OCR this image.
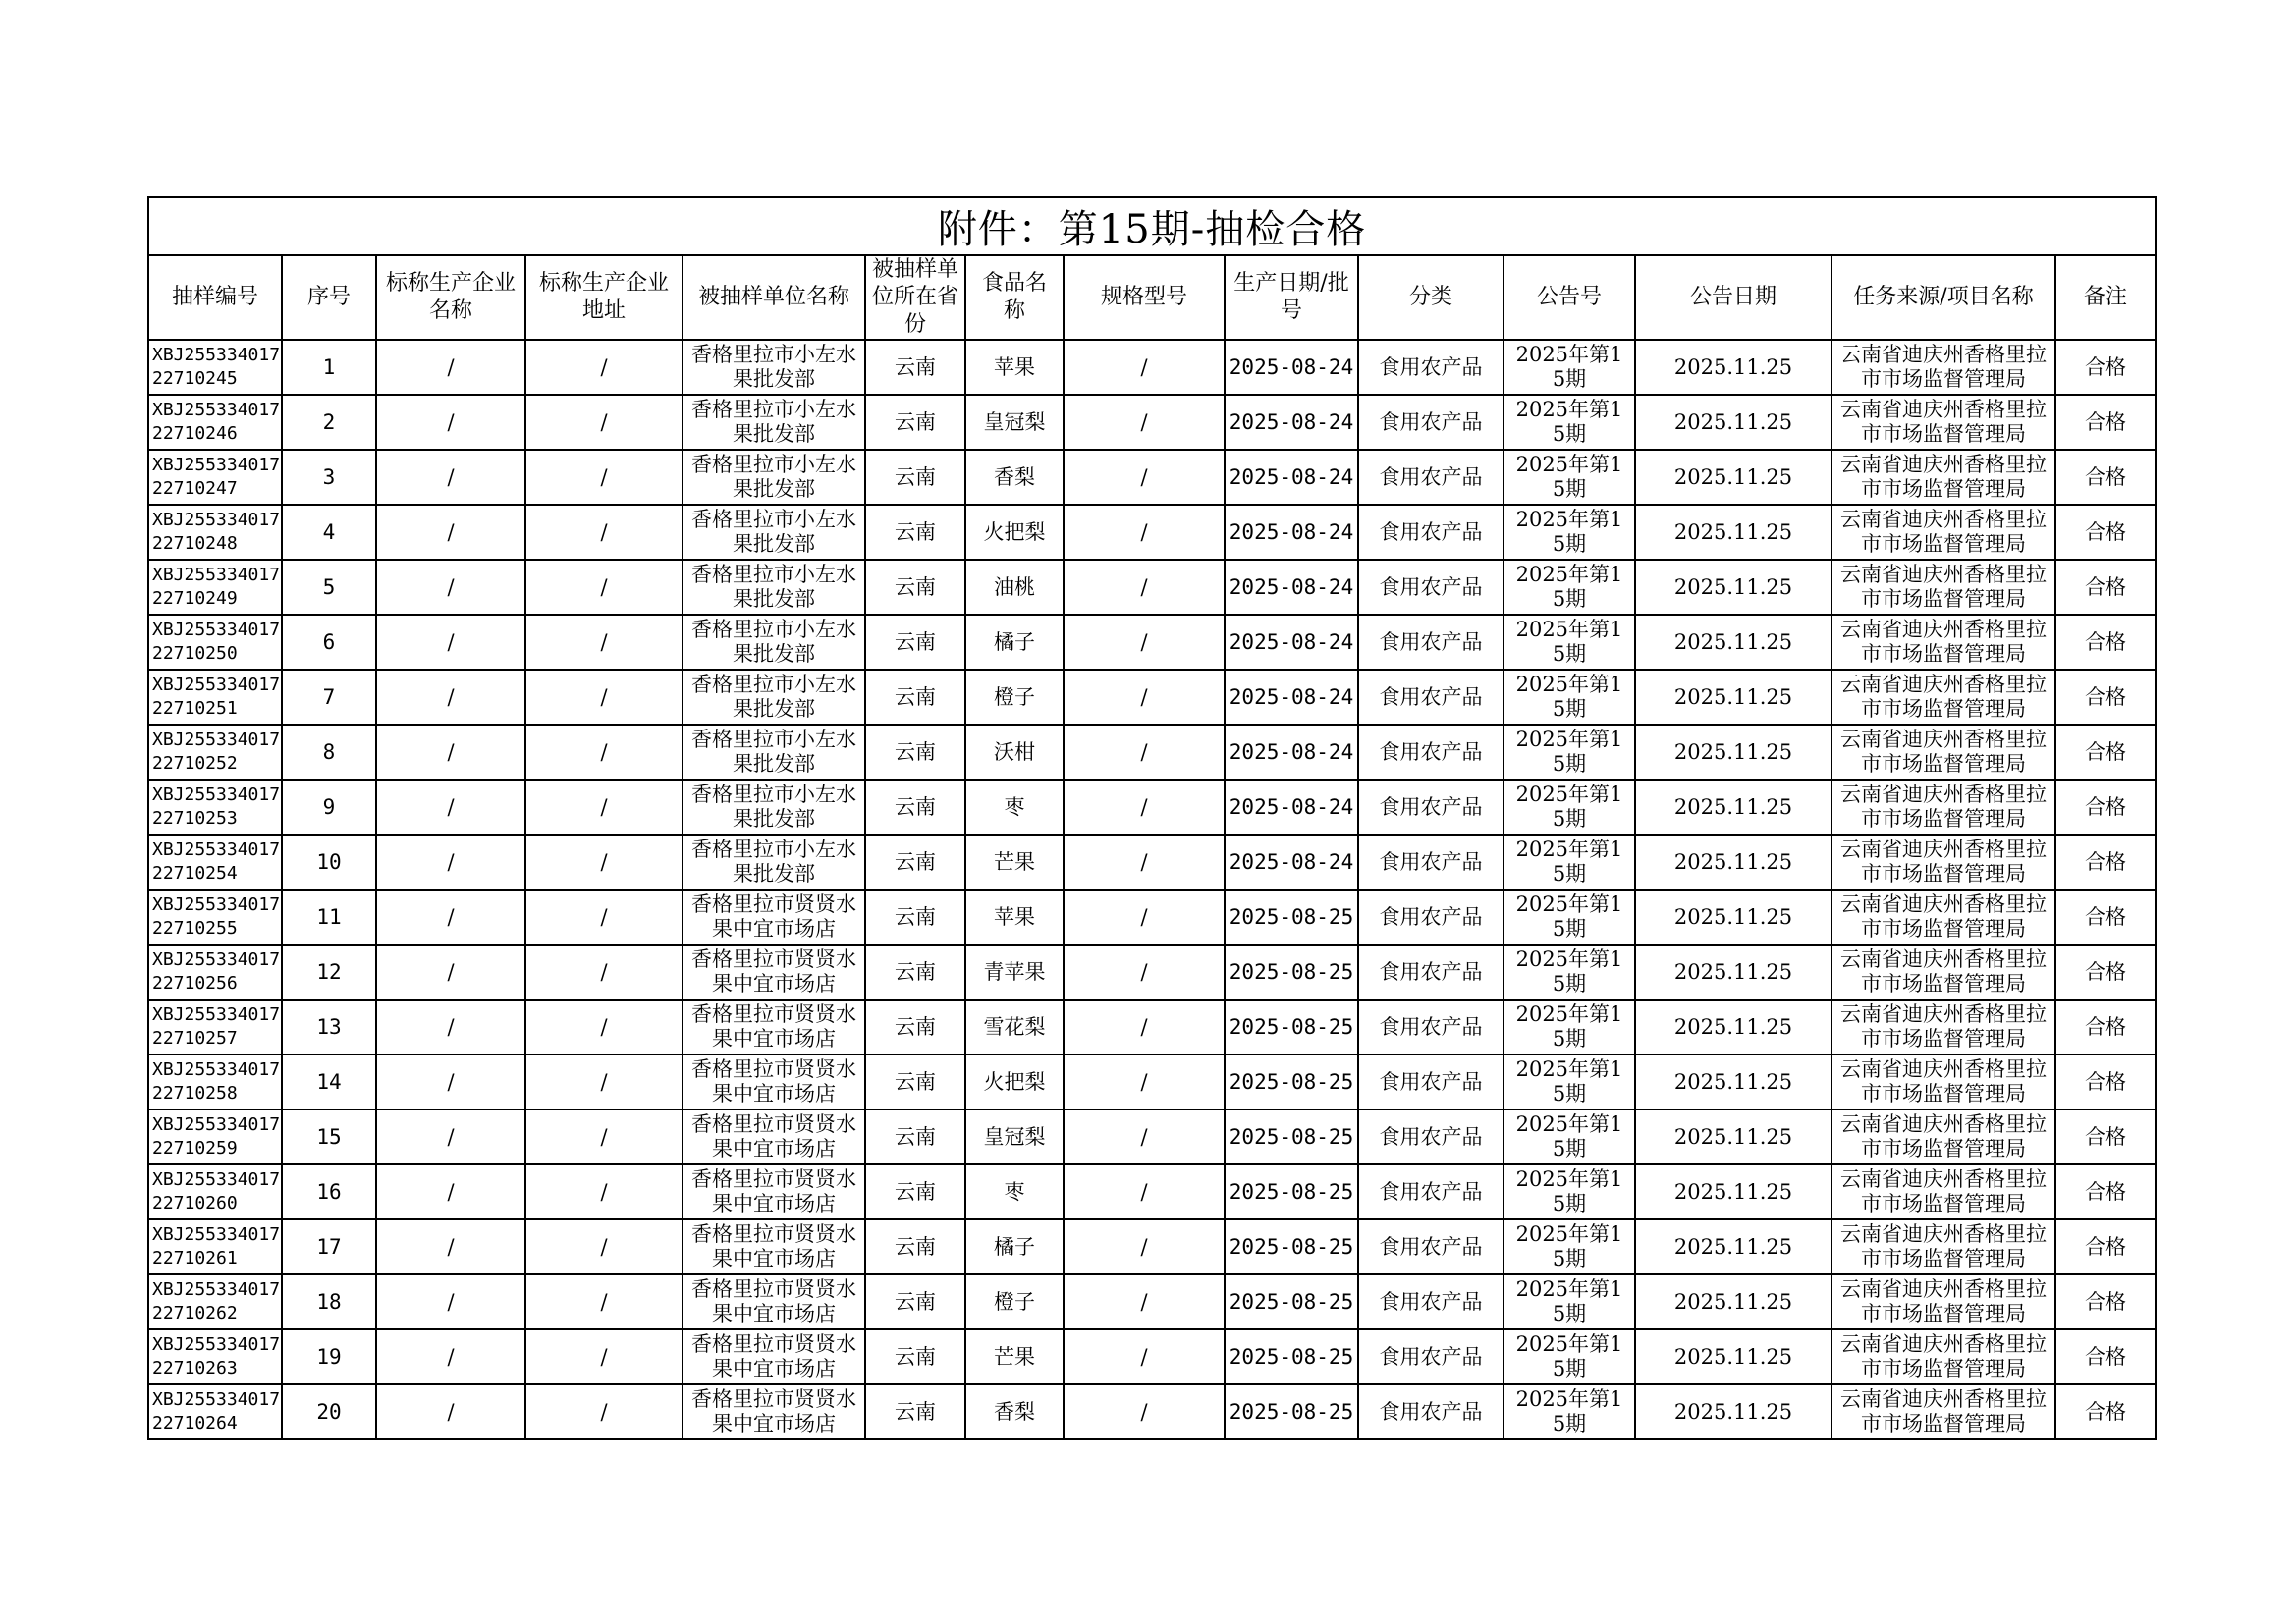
附件：第15期-抽检合格													
抽样编号	序号	标称生产企业名称	标称生产企业地址	被抽样单位名称	被抽样单位所在省份	食品名称	规格型号	生产日期/批号	分类	公告号	公告日期	任务来源/项目名称	备注
XBJ25533401722710245	1	/	/	香格里拉市小左水果批发部	云南	苹果	/	2025-08-24	食用农产品	2025年第15期	2025.11.25	云南省迪庆州香格里拉市市场监督管理局	合格
XBJ25533401722710246	2	/	/	香格里拉市小左水果批发部	云南	皇冠梨	/	2025-08-24	食用农产品	2025年第15期	2025.11.25	云南省迪庆州香格里拉市市场监督管理局	合格
XBJ25533401722710247	3	/	/	香格里拉市小左水果批发部	云南	香梨	/	2025-08-24	食用农产品	2025年第15期	2025.11.25	云南省迪庆州香格里拉市市场监督管理局	合格
XBJ25533401722710248	4	/	/	香格里拉市小左水果批发部	云南	火把梨	/	2025-08-24	食用农产品	2025年第15期	2025.11.25	云南省迪庆州香格里拉市市场监督管理局	合格
XBJ25533401722710249	5	/	/	香格里拉市小左水果批发部	云南	油桃	/	2025-08-24	食用农产品	2025年第15期	2025.11.25	云南省迪庆州香格里拉市市场监督管理局	合格
XBJ25533401722710250	6	/	/	香格里拉市小左水果批发部	云南	橘子	/	2025-08-24	食用农产品	2025年第15期	2025.11.25	云南省迪庆州香格里拉市市场监督管理局	合格
XBJ25533401722710251	7	/	/	香格里拉市小左水果批发部	云南	橙子	/	2025-08-24	食用农产品	2025年第15期	2025.11.25	云南省迪庆州香格里拉市市场监督管理局	合格
XBJ25533401722710252	8	/	/	香格里拉市小左水果批发部	云南	沃柑	/	2025-08-24	食用农产品	2025年第15期	2025.11.25	云南省迪庆州香格里拉市市场监督管理局	合格
XBJ25533401722710253	9	/	/	香格里拉市小左水果批发部	云南	枣	/	2025-08-24	食用农产品	2025年第15期	2025.11.25	云南省迪庆州香格里拉市市场监督管理局	合格
XBJ25533401722710254	10	/	/	香格里拉市小左水果批发部	云南	芒果	/	2025-08-24	食用农产品	2025年第15期	2025.11.25	云南省迪庆州香格里拉市市场监督管理局	合格
XBJ25533401722710255	11	/	/	香格里拉市贤贤水果中宜市场店	云南	苹果	/	2025-08-25	食用农产品	2025年第15期	2025.11.25	云南省迪庆州香格里拉市市场监督管理局	合格
XBJ25533401722710256	12	/	/	香格里拉市贤贤水果中宜市场店	云南	青苹果	/	2025-08-25	食用农产品	2025年第15期	2025.11.25	云南省迪庆州香格里拉市市场监督管理局	合格
XBJ25533401722710257	13	/	/	香格里拉市贤贤水果中宜市场店	云南	雪花梨	/	2025-08-25	食用农产品	2025年第15期	2025.11.25	云南省迪庆州香格里拉市市场监督管理局	合格
XBJ25533401722710258	14	/	/	香格里拉市贤贤水果中宜市场店	云南	火把梨	/	2025-08-25	食用农产品	2025年第15期	2025.11.25	云南省迪庆州香格里拉市市场监督管理局	合格
XBJ25533401722710259	15	/	/	香格里拉市贤贤水果中宜市场店	云南	皇冠梨	/	2025-08-25	食用农产品	2025年第15期	2025.11.25	云南省迪庆州香格里拉市市场监督管理局	合格
XBJ25533401722710260	16	/	/	香格里拉市贤贤水果中宜市场店	云南	枣	/	2025-08-25	食用农产品	2025年第15期	2025.11.25	云南省迪庆州香格里拉市市场监督管理局	合格
XBJ25533401722710261	17	/	/	香格里拉市贤贤水果中宜市场店	云南	橘子	/	2025-08-25	食用农产品	2025年第15期	2025.11.25	云南省迪庆州香格里拉市市场监督管理局	合格
XBJ25533401722710262	18	/	/	香格里拉市贤贤水果中宜市场店	云南	橙子	/	2025-08-25	食用农产品	2025年第15期	2025.11.25	云南省迪庆州香格里拉市市场监督管理局	合格
XBJ25533401722710263	19	/	/	香格里拉市贤贤水果中宜市场店	云南	芒果	/	2025-08-25	食用农产品	2025年第15期	2025.11.25	云南省迪庆州香格里拉市市场监督管理局	合格
XBJ25533401722710264	20	/	/	香格里拉市贤贤水果中宜市场店	云南	香梨	/	2025-08-25	食用农产品	2025年第15期	2025.11.25	云南省迪庆州香格里拉市市场监督管理局	合格
